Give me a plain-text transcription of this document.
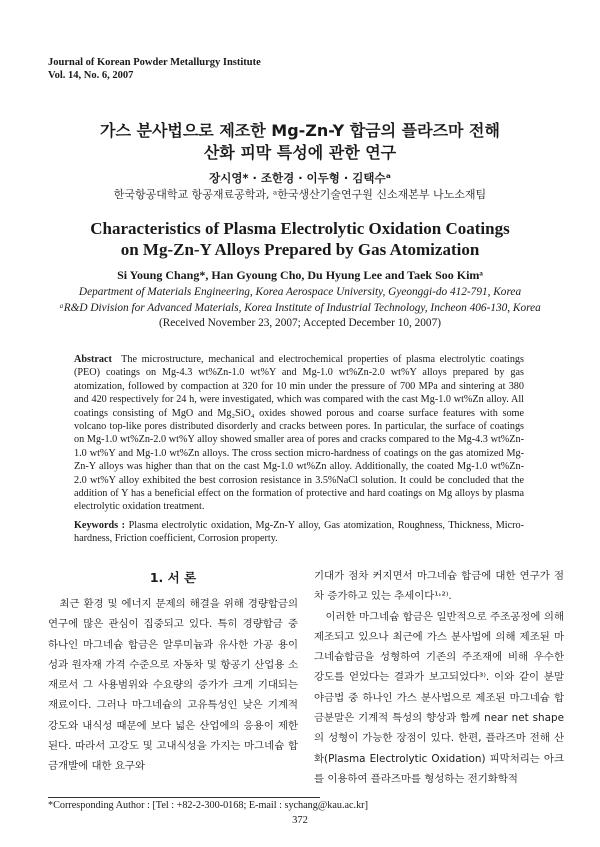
Journal of Korean Powder Metallurgy Institute
Vol. 14, No. 6, 2007
가스 분사법으로 제조한 Mg-Zn-Y 합금의 플라즈마 전해
산화 피막 특성에 관한 연구
장시영* · 조한경 · 이두형 · 김택수ᵃ
한국항공대학교 항공재료공학과, ᵃ한국생산기술연구원 신소재본부 나노소재팀
Characteristics of Plasma Electrolytic Oxidation Coatings
on Mg-Zn-Y Alloys Prepared by Gas Atomization
Si Young Chang*, Han Gyoung Cho, Du Hyung Lee and Taek Soo Kimᵃ
Department of Materials Engineering, Korea Aerospace University, Gyeonggi-do 412-791, Korea
ᵃR&D Division for Advanced Materials, Korea Institute of Industrial Technology, Incheon 406-130, Korea
(Received November 23, 2007; Accepted December 10, 2007)
Abstract The microstructure, mechanical and electrochemical properties of plasma electrolytic coatings (PEO) coatings on Mg-4.3 wt%Zn-1.0 wt%Y and Mg-1.0 wt%Zn-2.0 wt%Y alloys prepared by gas atomization, followed by compaction at 320 for 10 min under the pressure of 700 MPa and sintering at 380 and 420 respectively for 24 h, were investigated, which was compared with the cast Mg-1.0 wt%Zn alloy. All coatings consisting of MgO and Mg₂SiO₄ oxides showed porous and coarse surface features with some volcano top-like pores distributed disorderly and cracks between pores. In particular, the surface of coatings on Mg-1.0 wt%Zn-2.0 wt%Y alloy showed smaller area of pores and cracks compared to the Mg-4.3 wt%Zn-1.0 wt%Y and Mg-1.0 wt%Zn alloys. The cross section micro-hardness of coatings on the gas atomized Mg-Zn-Y alloys was higher than that on the cast Mg-1.0 wt%Zn alloy. Additionally, the coated Mg-1.0 wt%Zn-2.0 wt%Y alloy exhibited the best corrosion resistance in 3.5%NaCl solution. It could be concluded that the addition of Y has a beneficial effect on the formation of protective and hard coatings on Mg alloys by plasma electrolytic oxidation treatment.
Keywords : Plasma electrolytic oxidation, Mg-Zn-Y alloy, Gas atomization, Roughness, Thickness, Micro-hardness, Friction coefficient, Corrosion property.
1. 서 론

최근 환경 및 에너지 문제의 해결을 위해 경량합금의 연구에 많은 관심이 집중되고 있다. 특히 경량합금 중 하나인 마그네슘 합금은 알루미늄과 유사한 가공 용이성과 원자재 가격 수준으로 자동차 및 항공기 산업용 소재로서 그 사용범위와 수요량의 증가가 크게 기대되는 재료이다. 그러나 마그네슘의 고유특성인 낮은 기계적 강도와 내식성 때문에 보다 넓은 산업에의 응용이 제한된다. 따라서 고강도 및 고내식성을 가지는 마그네슘 합금개발에 대한 요구와

기대가 점차 커지면서 마그네슘 합금에 대한 연구가 점차 증가하고 있는 추세이다¹˒²⁾.

이러한 마그네슘 합금은 일반적으로 주조공정에 의해 제조되고 있으나 최근에 가스 분사법에 의해 제조된 마그네슘합금을 성형하여 기존의 주조재에 비해 우수한 강도를 얻었다는 결과가 보고되었다³⁾. 이와 같이 분말 야금법 중 하나인 가스 분사법으로 제조된 마그네슘 합금분말은 기계적 특성의 향상과 함께 near net shape의 성형이 가능한 장점이 있다. 한편, 플라즈마 전해 산화(Plasma Electrolytic Oxidation) 피막처리는 아크를 이용하여 플라즈마를 형성하는 전기화학적

*Corresponding Author : [Tel : +82-2-300-0168; E-mail : sychang@kau.ac.kr]
372
